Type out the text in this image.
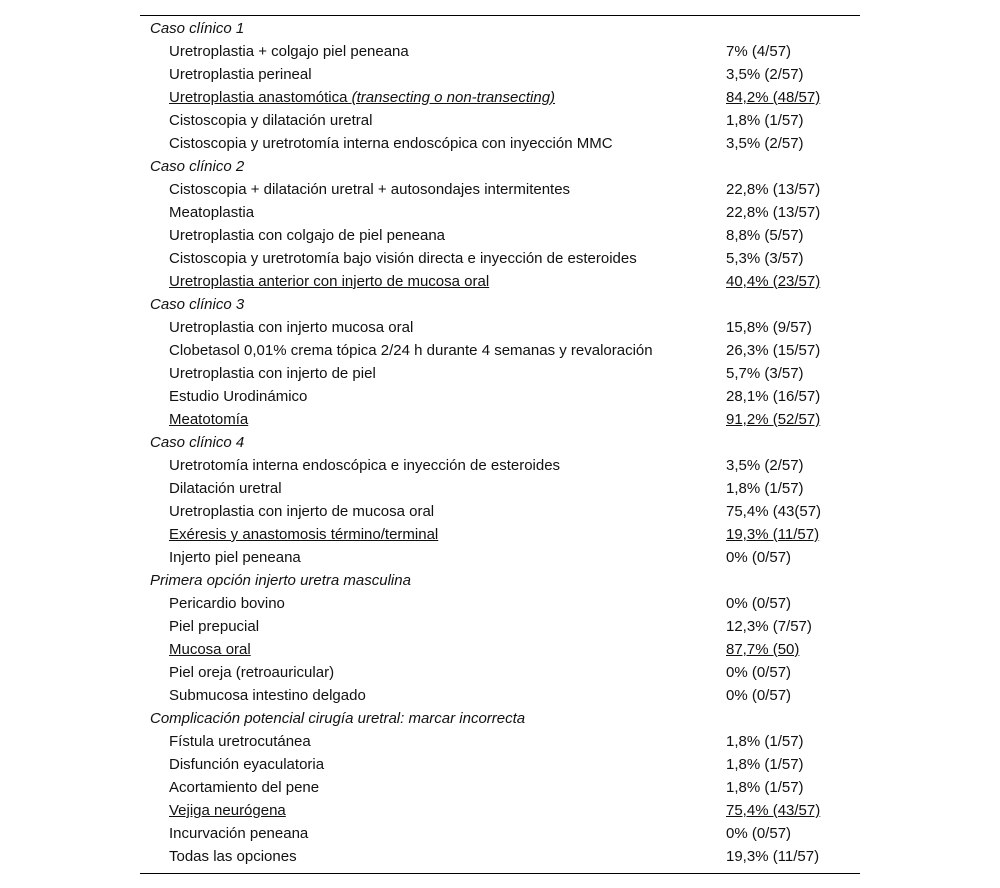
Caso clínico 1
Uretroplastia + colgajo piel peneana	7% (4/57)
Uretroplastia perineal	3,5% (2/57)
Uretroplastia anastomótica (transecting o non-transecting)	84,2% (48/57)
Cistoscopia y dilatación uretral	1,8% (1/57)
Cistoscopia y uretrotomía interna endoscópica con inyección MMC	3,5% (2/57)
Caso clínico 2
Cistoscopia + dilatación uretral + autosondajes intermitentes	22,8% (13/57)
Meatoplastia	22,8% (13/57)
Uretroplastia con colgajo de piel peneana	8,8% (5/57)
Cistoscopia y uretrotomía bajo visión directa e inyección de esteroides	5,3% (3/57)
Uretroplastia anterior con injerto de mucosa oral	40,4% (23/57)
Caso clínico 3
Uretroplastia con injerto mucosa oral	15,8% (9/57)
Clobetasol 0,01% crema tópica 2/24 h durante 4 semanas y revaloración	26,3% (15/57)
Uretroplastia con injerto de piel	5,7% (3/57)
Estudio Urodinámico	28,1% (16/57)
Meatotomía	91,2% (52/57)
Caso clínico 4
Uretrotomía interna endoscópica e inyección de esteroides	3,5% (2/57)
Dilatación uretral	1,8% (1/57)
Uretroplastia con injerto de mucosa oral	75,4% (43(57)
Exéresis y anastomosis término/terminal	19,3% (11/57)
Injerto piel peneana	0% (0/57)
Primera opción injerto uretra masculina
Pericardio bovino	0% (0/57)
Piel prepucial	12,3% (7/57)
Mucosa oral	87,7% (50)
Piel oreja (retroauricular)	0% (0/57)
Submucosa intestino delgado	0% (0/57)
Complicación potencial cirugía uretral: marcar incorrecta
Fístula uretrocutánea	1,8% (1/57)
Disfunción eyaculatoria	1,8% (1/57)
Acortamiento del pene	1,8% (1/57)
Vejiga neurógena	75,4% (43/57)
Incurvación peneana	0% (0/57)
Todas las opciones	19,3% (11/57)
